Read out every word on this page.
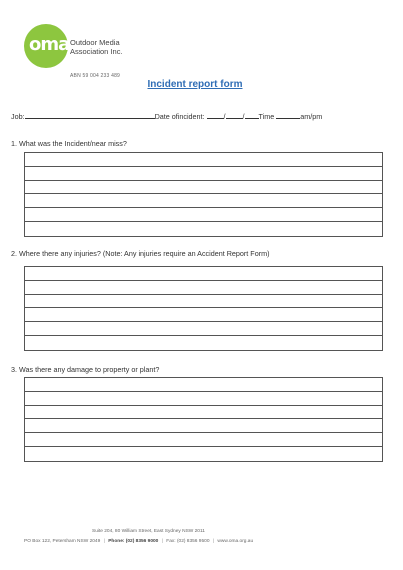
oma Outdoor Media
Association Inc.
ABN 59 004 233 489
Incident report form
Job:	Date ofincident:	/ / Time	am/pm
1. What was the Incident/near miss?
2. Where there any injuries? (Note: Any injuries require an Accident Report Form)
3. Was there any damage to property or plant?
Suite 204, 80 William Street, East Sydney NSW 2011
PO Box 122, Petersham NSW 2049 | Phone: (02) 8356 9000 | Fax: (02) 8356 9500 | www.oma.org.au
